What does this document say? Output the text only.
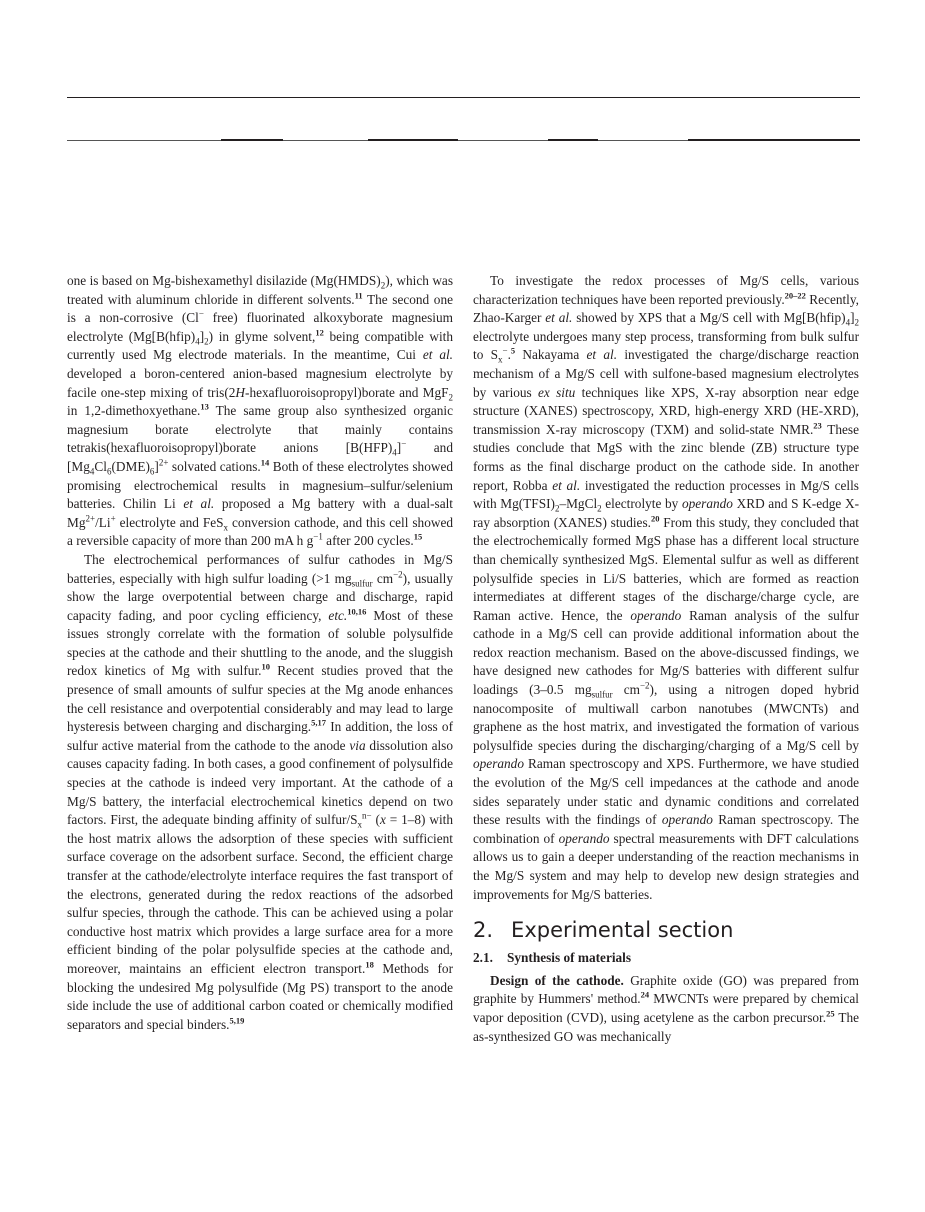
one is based on Mg-bishexamethyl disilazide $(Mg(HMDS)_2)$, which was treated with aluminum chloride in different solvents.$^{11}$ The second one is a non-corrosive (Cl− free) fluorinated alkoxyborate magnesium electrolyte $(Mg[B(hfip)_4]_2)$ in glyme solvent,$^{12}$ being compatible with currently used Mg electrode materials. In the meantime, Cui et al. developed a boron-centered anion-based magnesium electrolyte by facile one-step mixing of tris(2H-hexafluoroisopropyl)borate and MgF$_2$ in 1,2-dimethoxyethane.$^{13}$ The same group also synthesized organic magnesium borate electrolyte that mainly contains tetrakis(hexafluoroisopropyl)borate anions $[B(HFP)_4]^-$ and $[Mg_4Cl_6(DME)_6]^{2+}$ solvated cations.$^{14}$ Both of these electrolytes showed promising electrochemical results in magnesium–sulfur/selenium batteries. Chilin Li et al. proposed a Mg battery with a dual-salt $Mg^{2+}/Li^+$ electrolyte and FeS$_x$ conversion cathode, and this cell showed a reversible capacity of more than 200 mA h $g^{-1}$ after 200 cycles.$^{15}$

The electrochemical performances of sulfur cathodes in Mg/S batteries, especially with high sulfur loading (>1 $mg_{sulfur}$ $cm^{-2}$), usually show the large overpotential between charge and discharge, rapid capacity fading, and poor cycling efficiency, etc.$^{10,16}$ Most of these issues strongly correlate with the formation of soluble polysulfide species at the cathode and their shuttling to the anode, and the sluggish redox kinetics of Mg with sulfur.$^{10}$ Recent studies proved that the presence of small amounts of sulfur species at the Mg anode enhances the cell resistance and overpotential considerably and may lead to large hysteresis between charging and discharging.$^{5,17}$ In addition, the loss of sulfur active material from the cathode to the anode via dissolution also causes capacity fading. In both cases, a good confinement of polysulfide species at the cathode is indeed very important. At the cathode of a Mg/S battery, the interfacial electrochemical kinetics depend on two factors. First, the adequate binding affinity of sulfur/$S_x^{n-}$ (x = 1–8) with the host matrix allows the adsorption of these species with sufficient surface coverage on the adsorbent surface. Second, the efficient charge transfer at the cathode/electrolyte interface requires the fast transport of the electrons, generated during the redox reactions of the adsorbed sulfur species, through the cathode. This can be achieved using a polar conductive host matrix which provides a large surface area for a more efficient binding of the polar polysulfide species at the cathode and, moreover, maintains an efficient electron transport.$^{18}$ Methods for blocking the undesired Mg polysulfide (Mg PS) transport to the anode side include the use of additional carbon coated or chemically modified separators and special binders.$^{5,19}$

To investigate the redox processes of Mg/S cells, various characterization techniques have been reported previously.$^{20-22}$ Recently, Zhao-Karger et al. showed by XPS that a Mg/S cell with $Mg[B(hfip)_4]_2$ electrolyte undergoes many step process, transforming from bulk sulfur to $S_x^-.^5$ Nakayama et al. investigated the charge/discharge reaction mechanism of a Mg/S cell with sulfone-based magnesium electrolytes by various ex situ techniques like XPS, X-ray absorption near edge structure (XANES) spectroscopy, XRD, high-energy XRD (HE-XRD), transmission X-ray microscopy (TXM) and solid-state NMR.$^{23}$ These studies conclude that MgS with the zinc blende (ZB) structure type forms as the final discharge product on the cathode side. In another report, Robba et al. investigated the reduction processes in Mg/S cells with $Mg(TFSI)_2-MgCl_2$ electrolyte by operando XRD and S K-edge X-ray absorption (XANES) studies.$^{20}$ From this study, they concluded that the electrochemically formed MgS phase has a different local structure than chemically synthesized MgS. Elemental sulfur as well as different polysulfide species in Li/S batteries, which are formed as reaction intermediates at different stages of the discharge/charge cycle, are Raman active. Hence, the operando Raman analysis of the sulfur cathode in a Mg/S cell can provide additional information about the redox reaction mechanism. Based on the above-discussed findings, we have designed new cathodes for Mg/S batteries with different sulfur loadings (3–0.5 $mg_{sulfur}$ $cm^{-2}$), using a nitrogen doped hybrid nanocomposite of multiwall carbon nanotubes (MWCNTs) and graphene as the host matrix, and investigated the formation of various polysulfide species during the discharging/charging of a Mg/S cell by operando Raman spectroscopy and XPS. Furthermore, we have studied the evolution of the Mg/S cell impedances at the cathode and anode sides separately under static and dynamic conditions and correlated these results with the findings of operando Raman spectroscopy. The combination of operando spectral measurements with DFT calculations allows us to gain a deeper understanding of the reaction mechanisms in the Mg/S system and may help to develop new design strategies and improvements for Mg/S batteries.

2. Experimental section
2.1. Synthesis of materials

Design of the cathode. Graphite oxide (GO) was prepared from graphite by Hummers' method.$^{24}$ MWCNTs were prepared by chemical vapor deposition (CVD), using acetylene as the carbon precursor.$^{25}$ The as-synthesized GO was mechanically
